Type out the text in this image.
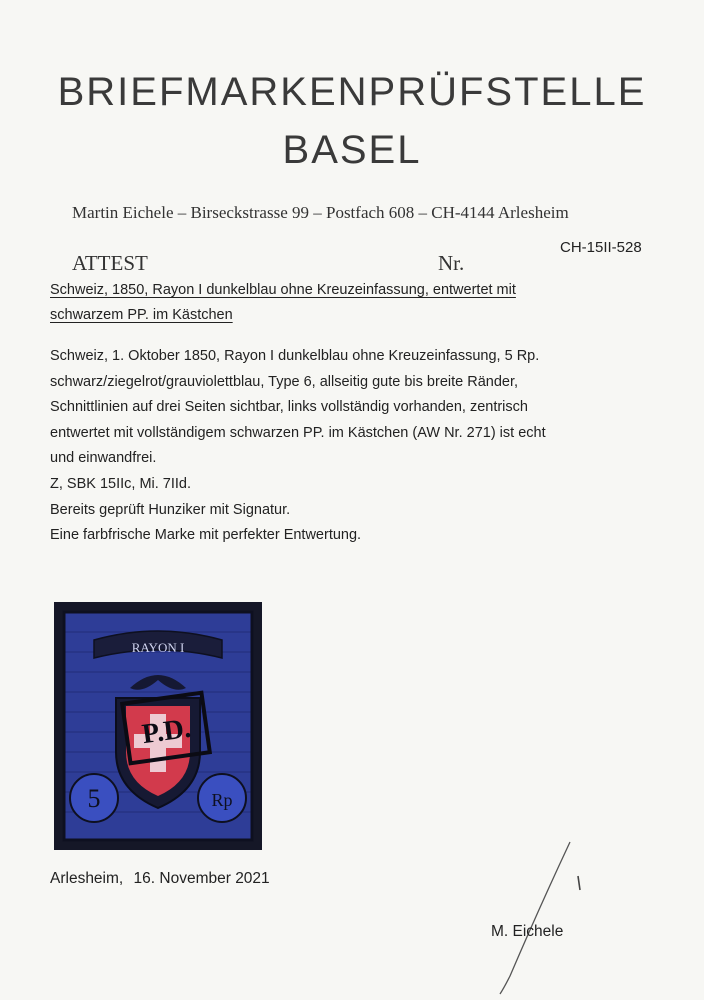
BRIEFMARKENPRÜFSTELLE
BASEL
Martin Eichele – Birseckstrasse 99 – Postfach 608 – CH-4144 Arlesheim
CH-15II-528
ATTEST	Nr.
Schweiz, 1850, Rayon I dunkelblau ohne Kreuzeinfassung, entwertet mit
schwarzem PP. im Kästchen

Schweiz, 1. Oktober 1850, Rayon I dunkelblau ohne Kreuzeinfassung, 5 Rp.

schwarz/ziegelrot/grauviolettblau, Type 6, allseitig gute bis breite Ränder,

Schnittlinien auf drei Seiten sichtbar, links vollständig vorhanden, zentrisch

entwertet mit vollständigem schwarzen PP. im Kästchen (AW Nr. 271) ist echt

und einwandfrei.

Z, SBK 15IIc, Mi. 7IId.

Bereits geprüft Hunziker mit Signatur.

Eine farbfrische Marke mit perfekter Entwertung.

RAYON I
5	Rp
P.D.
Arlesheim, 16. November 2021
M. Eichele
